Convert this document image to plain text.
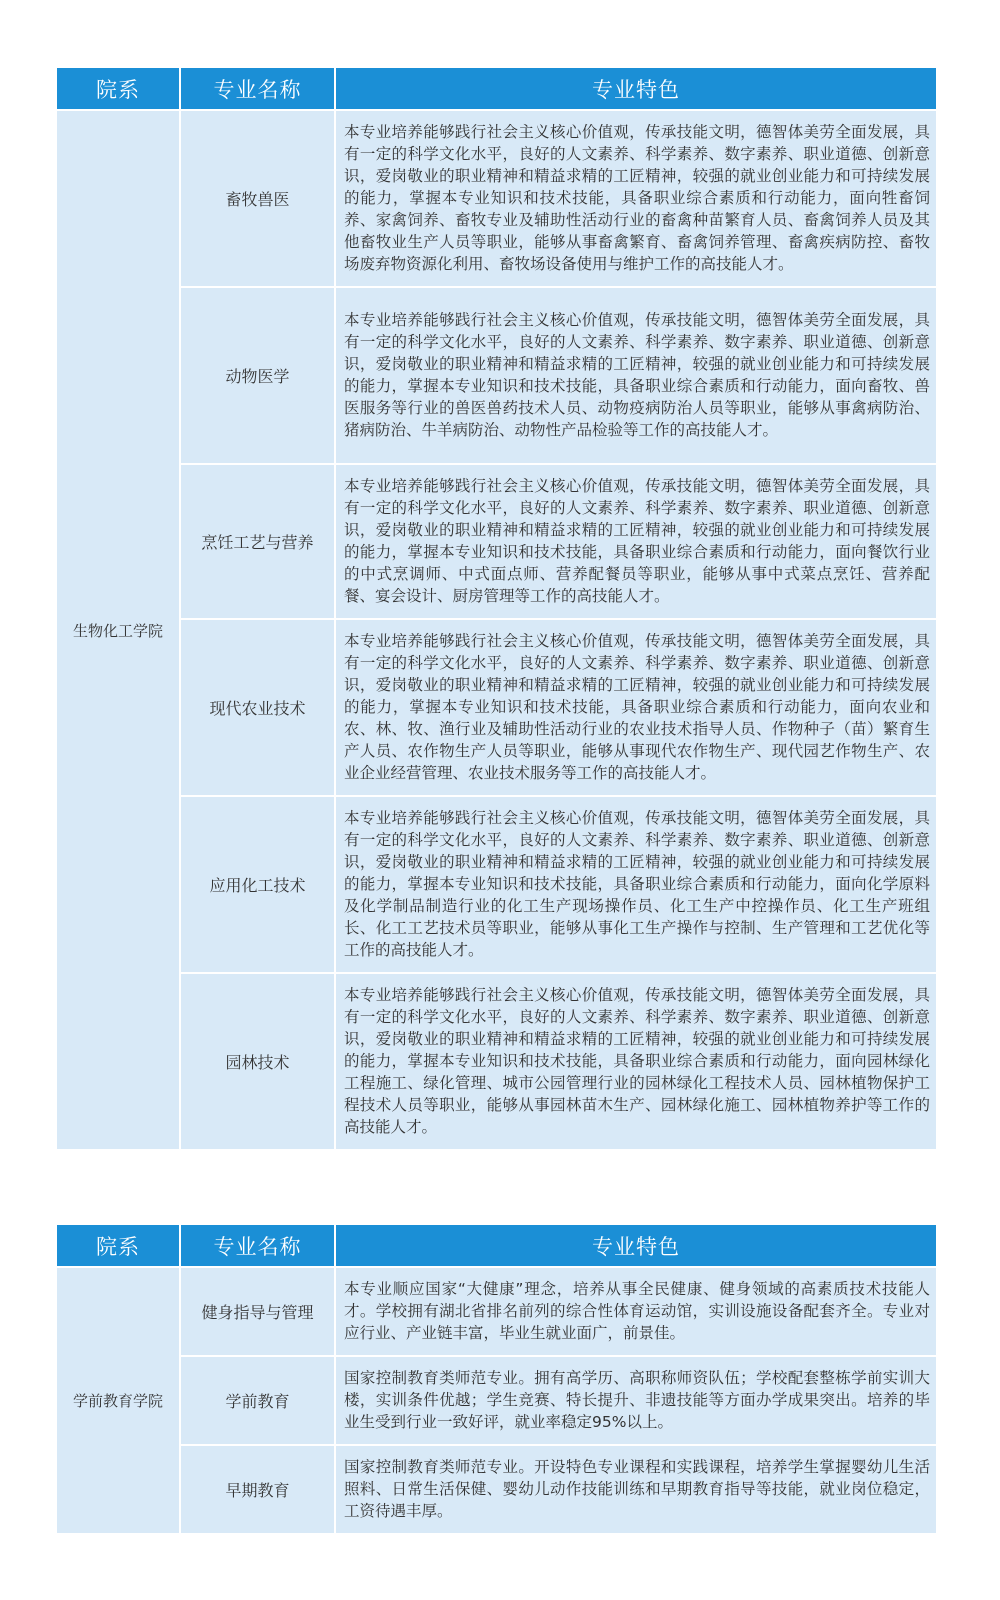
院系	专业名称	专业特色
生物化工学院	畜牧兽医	本专业培养能够践行社会主义核心价值观，传承技能文明，德智体美劳全面发展，具有一定的科学文化水平，良好的人文素养、科学素养、数字素养、职业道德、创新意识，爱岗敬业的职业精神和精益求精的工匠精神，较强的就业创业能力和可持续发展的能力，掌握本专业知识和技术技能，具备职业综合素质和行动能力，面向牲畜饲养、家禽饲养、畜牧专业及辅助性活动行业的畜禽种苗繁育人员、畜禽饲养人员及其他畜牧业生产人员等职业，能够从事畜禽繁育、畜禽饲养管理、畜禽疾病防控、畜牧场废弃物资源化利用、畜牧场设备使用与维护工作的高技能人才。
	动物医学	本专业培养能够践行社会主义核心价值观，传承技能文明，德智体美劳全面发展，具有一定的科学文化水平，良好的人文素养、科学素养、数字素养、职业道德、创新意识，爱岗敬业的职业精神和精益求精的工匠精神，较强的就业创业能力和可持续发展的能力，掌握本专业知识和技术技能，具备职业综合素质和行动能力，面向畜牧、兽医服务等行业的兽医兽药技术人员、动物疫病防治人员等职业，能够从事禽病防治、猪病防治、牛羊病防治、动物性产品检验等工作的高技能人才。
	烹饪工艺与营养	本专业培养能够践行社会主义核心价值观，传承技能文明，德智体美劳全面发展，具有一定的科学文化水平，良好的人文素养、科学素养、数字素养、职业道德、创新意识，爱岗敬业的职业精神和精益求精的工匠精神，较强的就业创业能力和可持续发展的能力，掌握本专业知识和技术技能，具备职业综合素质和行动能力，面向餐饮行业的中式烹调师、中式面点师、营养配餐员等职业，能够从事中式菜点烹饪、营养配餐、宴会设计、厨房管理等工作的高技能人才。
	现代农业技术	本专业培养能够践行社会主义核心价值观，传承技能文明，德智体美劳全面发展，具有一定的科学文化水平，良好的人文素养、科学素养、数字素养、职业道德、创新意识，爱岗敬业的职业精神和精益求精的工匠精神，较强的就业创业能力和可持续发展的能力，掌握本专业知识和技术技能，具备职业综合素质和行动能力，面向农业和农、林、牧、渔行业及辅助性活动行业的农业技术指导人员、作物种子（苗）繁育生产人员、农作物生产人员等职业，能够从事现代农作物生产、现代园艺作物生产、农业企业经营管理、农业技术服务等工作的高技能人才。
	应用化工技术	本专业培养能够践行社会主义核心价值观，传承技能文明，德智体美劳全面发展，具有一定的科学文化水平，良好的人文素养、科学素养、数字素养、职业道德、创新意识，爱岗敬业的职业精神和精益求精的工匠精神，较强的就业创业能力和可持续发展的能力，掌握本专业知识和技术技能，具备职业综合素质和行动能力，面向化学原料及化学制品制造行业的化工生产现场操作员、化工生产中控操作员、化工生产班组长、化工工艺技术员等职业，能够从事化工生产操作与控制、生产管理和工艺优化等工作的高技能人才。
	园林技术	本专业培养能够践行社会主义核心价值观，传承技能文明，德智体美劳全面发展，具有一定的科学文化水平，良好的人文素养、科学素养、数字素养、职业道德、创新意识，爱岗敬业的职业精神和精益求精的工匠精神，较强的就业创业能力和可持续发展的能力，掌握本专业知识和技术技能，具备职业综合素质和行动能力，面向园林绿化工程施工、绿化管理、城市公园管理行业的园林绿化工程技术人员、园林植物保护工程技术人员等职业，能够从事园林苗木生产、园林绿化施工、园林植物养护等工作的高技能人才。
院系	专业名称	专业特色
学前教育学院	健身指导与管理	本专业顺应国家“大健康”理念，培养从事全民健康、健身领域的高素质技术技能人才。学校拥有湖北省排名前列的综合性体育运动馆，实训设施设备配套齐全。专业对应行业、产业链丰富，毕业生就业面广，前景佳。
	学前教育	国家控制教育类师范专业。拥有高学历、高职称师资队伍；学校配套整栋学前实训大楼，实训条件优越；学生竞赛、特长提升、非遗技能等方面办学成果突出。培养的毕业生受到行业一致好评，就业率稳定95%以上。
	早期教育	国家控制教育类师范专业。开设特色专业课程和实践课程，培养学生掌握婴幼儿生活照料、日常生活保健、婴幼儿动作技能训练和早期教育指导等技能，就业岗位稳定，工资待遇丰厚。
